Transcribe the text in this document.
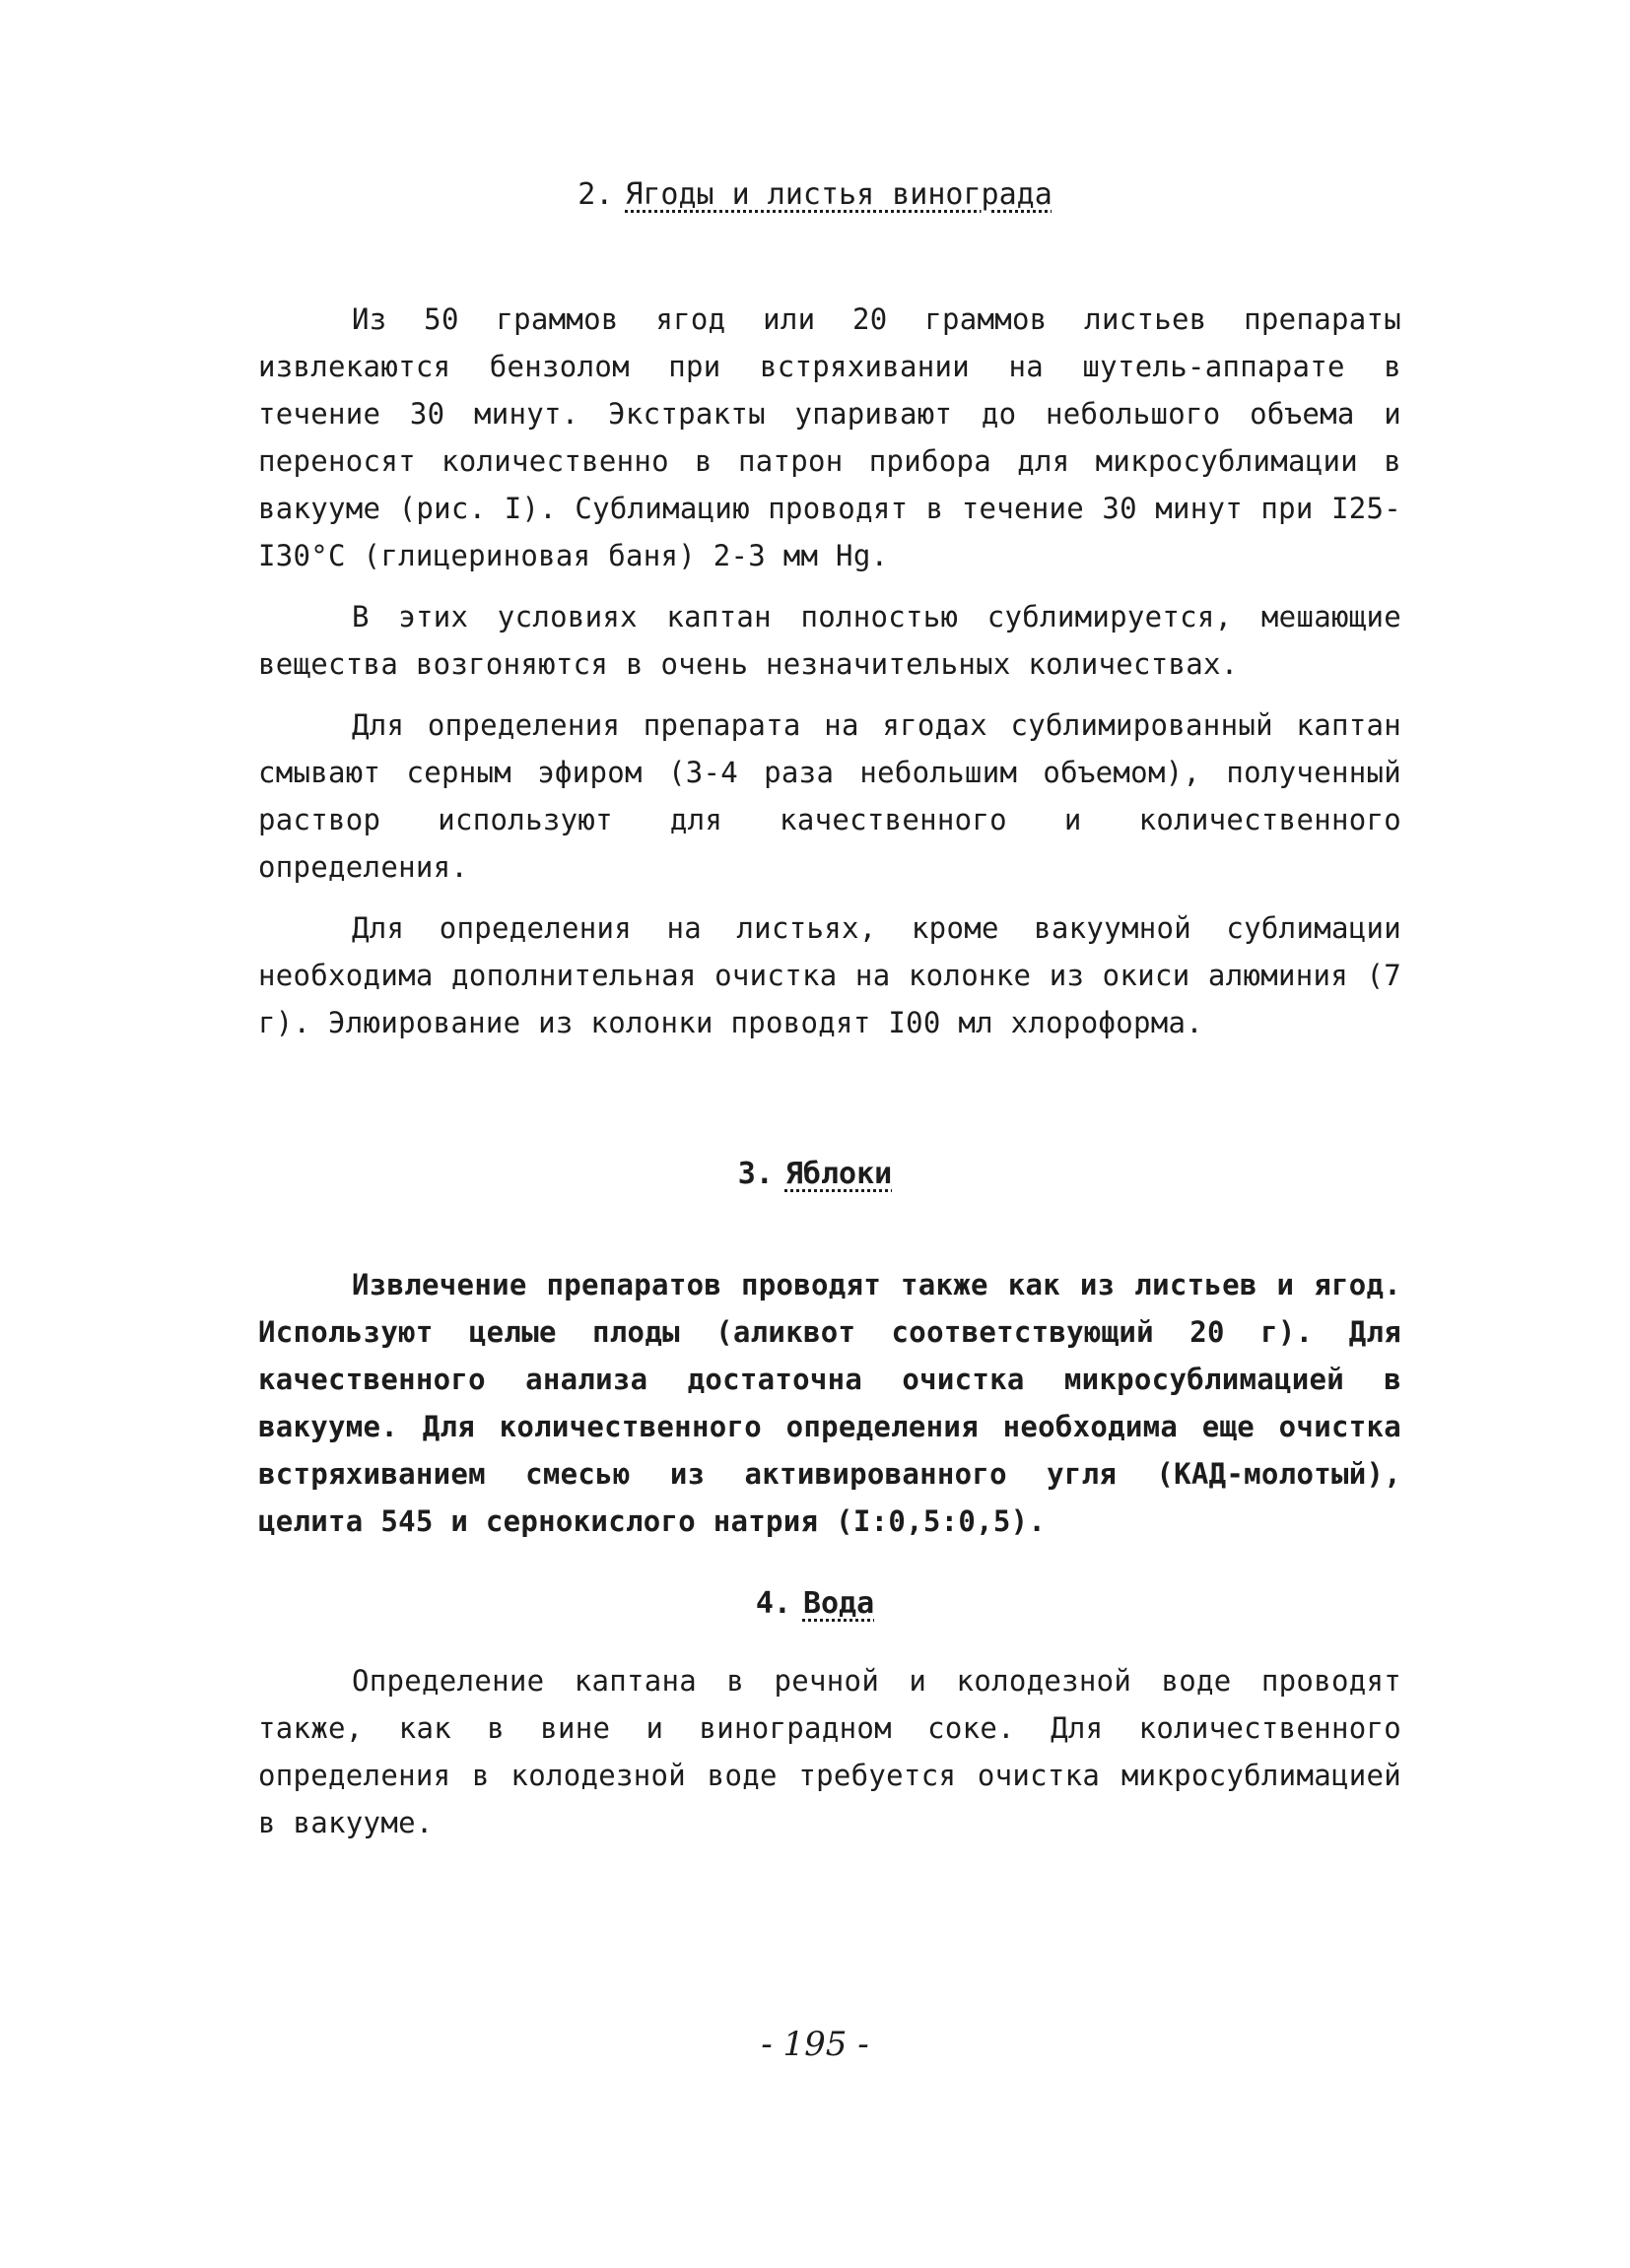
2. Ягоды и листья винограда

Из 50 граммов ягод или 20 граммов листьев препараты извлекаются бензолом при встряхивании на шутель-аппарате в течение 30 минут. Экстракты упаривают до небольшого объема и переносят количественно в патрон прибора для микросублимации в вакууме (рис. I). Сублимацию проводят в течение 30 минут при I25-I30°С (глицериновая баня) 2-3 мм Hg.

В этих условиях каптан полностью сублимируется, мешающие вещества возгоняются в очень незначительных количествах.

Для определения препарата на ягодах сублимированный каптан смывают серным эфиром (3-4 раза небольшим объемом), полученный раствор используют для качественного и количественного определения.

Для определения на листьях, кроме вакуумной сублимации необходима дополнительная очистка на колонке из окиси алюминия (7 г). Элюирование из колонки проводят I00 мл хлороформа.

3. Яблоки

Извлечение препаратов проводят также как из листьев и ягод. Используют целые плоды (аликвот соответствующий 20 г). Для качественного анализа достаточна очистка микросублимацией в вакууме. Для количественного определения необходима еще очистка встряхиванием смесью из активированного угля (КАД-молотый), целита 545 и сернокислого натрия (I:0,5:0,5).

4. Вода

Определение каптана в речной и колодезной воде проводят также, как в вине и виноградном соке. Для количественного определения в колодезной воде требуется очистка микросублимацией в вакууме.

- 195 -
